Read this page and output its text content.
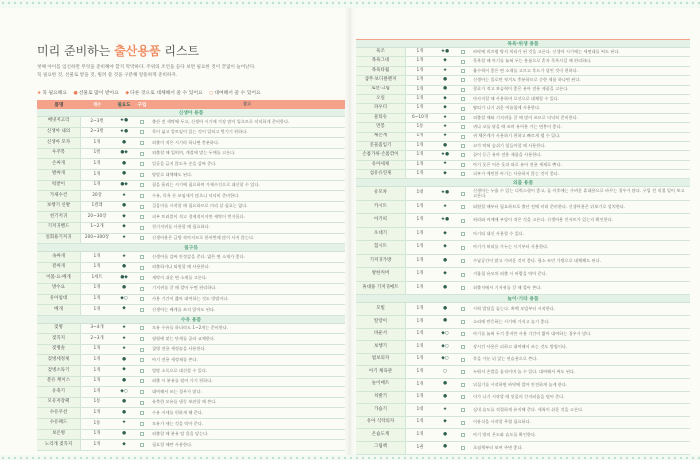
미리 준비하는 출산용품 리스트
첫째 아이를 임신하면 무엇을 준비해야 할지 막막하다. 주위의 조언을 듣다 보면 필요한 것이 끝없이 늘어난다.
꼭 필요한 것, 선물로 받을 것, 빌려 쓸 것을 구분해 알뜰하게 준비하자.
★꼭 필요해요 ●선물로 많이 받아요 ◆다른 것으로 대체해서 쓸 수 있어요 ○대여해서 쓸 수 있어요
품명	개수	필요도	구입	참고
신생아 용품
배냇저고리	2~3벌	★●	출산 전 세탁해 두고, 신생아 시기에 가장 많이 입으므로 넉넉하게 준비한다.
신생아 내의	2~3벌	★●	목이 넓고 앞트임이 있는 것이 입히고 벗기기 편하다.
신생아 모자	1개	●	외출이 적은 시기라 하나면 충분하다.
우주복	1벌	●◆	외출할 때 입히며, 계절에 맞는 두께를 고른다.
손싸개	1개	●	얼굴을 긁지 않도록 손을 감싸 준다.
발싸개	1개	●	양말로 대체해도 된다.
턱받이	1개	●◆	침을 흘리는 시기에 필요하며 가제수건으로 대신할 수 있다.
가제수건	20장	★	수유, 목욕 등 쓰임새가 많으니 넉넉히 준비한다.
보행기 신발	1켤레	●	걸음마를 시작할 때 필요하므로 미리 살 필요는 없다.
천기저귀	20~30장	◆	피부 트러블이 적고 경제적이지만 세탁이 번거롭다.
기저귀밴드	1~2개	◆	천기저귀를 사용할 때 필요하다.
일회용기저귀	200~300장	★	신생아용은 금방 작아지므로 한꺼번에 많이 사지 않는다.
침구류
속싸개	1개	★	신생아를 감싸 안정감을 준다. 얇은 면 소재가 좋다.
겉싸개	1개	●	외출하거나 퇴원할 때 사용한다.
이불·요·베개	1세트	●◆	세탁이 쉬운 면 소재를 고른다.
방수요	1개	●	기저귀를 갈 때 깔아 두면 편리하다.
유아침대	1개	◆○	사용 기간이 짧아 대여하는 것도 방법이다.
베개	1개	◆	신생아는 베개를 쓰지 않아도 된다.
수유 용품
젖병	3~4개	★	모유 수유를 하더라도 1~2개는 준비한다.
젖꼭지	2~3개	★	월령에 맞는 단계를 골라 교체한다.
젖병솔	1개	★	젖병 전용 세정솔을 사용한다.
젖병세정제	1개	●	아기 전용 세정제를 쓴다.
젖병소독기	1개	◆	열탕 소독으로 대신할 수 있다.
분유 케이스	1개	●	외출 시 분유를 덜어 가기 편하다.
유축기	1개	◆○	대여해서 쓰는 경우가 많다.
모유저장팩	1통	●	유축한 모유를 냉동 보관할 때 쓴다.
수유쿠션	1개	●	수유 자세를 편하게 해 준다.
수유패드	1통	★	모유가 새는 것을 막아 준다.
보온병	1개	●	외출할 때 분유 탈 물을 담는다.
노리개 젖꼭지	1개	◆	필요할 때만 사용한다.
목욕·위생 용품
욕조	1개	★●	바닥에 미끄럼 방지 처리가 된 것을 고른다. 신생아 시기에는 세면대를 써도 된다.
목욕그네	1개	◆	목욕할 때 아기를 눕혀 두는 용품으로 혼자 목욕시킬 때 편리하다.
목욕타월	1개	★	흡수력이 좋은 면 소재를 고르고 후드가 달린 것이 편하다.
샴푸·보디클렌저	1개	●	신생아는 물로만 씻겨도 충분하므로 순한 제품 하나면 된다.
로션·크림	1개	●	향료가 적고 보습력이 좋은 유아 전용 제품을 고른다.
오일	1개	◆	마사지할 때 사용하며 로션으로 대체할 수 있다.
파우더	1개	◆	땀띠가 나기 쉬운 여름철에 사용한다.
물티슈	6~10개	★	외출할 때와 기저귀를 갈 때 많이 쓰므로 넉넉히 준비한다.
면봉	1통	★	귀나 코를 닦을 때 쓰며 유아용 가는 면봉이 좋다.
체온계	1개	★	귀 체온계가 사용하기 편하고 빠르게 잴 수 있다.
콧물흡입기	1개	●	코가 막혀 숨쉬기 힘들어할 때 사용한다.
손톱가위·손톱깎이	1개	★●	끝이 둥근 유아 전용 제품을 사용한다.
유아세제	1개	★	아기 옷은 어른 옷과 따로 유아 전용 세제로 빤다.
섬유유연제	1개	◆	피부가 예민한 아기는 사용하지 않는 것이 좋다.
외출 용품
유모차	1대	★●	신생아는 누울 수 있는 디럭스형이 좋고, 돌 이후에는 가벼운 휴대용으로 바꾸는 경우가 많다. 구입 전 직접 밀어 보고 고른다.
카시트	1개	★	퇴원할 때부터 필요하므로 출산 전에 미리 준비한다. 신생아용은 뒤보기로 설치한다.
아기띠	1개	★●	허리와 어깨에 부담이 적은 것을 고른다. 신생아용 인서트가 있는지 확인한다.
포대기	1개	◆	아기띠 대신 사용할 수 있다.
힙시트	1개	◆	아기가 허리를 가누는 시기부터 사용한다.
기저귀가방	1개	●	수납공간이 많고 가벼운 것이 좋다. 평소 쓰던 가방으로 대체해도 된다.
방한커버	1개	◆	겨울철 유모차 외출 시 바람을 막아 준다.
휴대용 기저귀매트	1개	●	외출지에서 기저귀를 갈 때 깔아 쓴다.
놀이·기타 용품
모빌	1개	●	시력 발달을 돕는다. 흑백 모빌부터 시작한다.
딸랑이	1개	●	소리에 반응하는 시기에 가지고 놀기 좋다.
바운서	1개	◆○	아기를 눕혀 두기 좋지만 사용 기간이 짧아 대여하는 경우가 많다.
보행기	1개	◆○	장시간 사용은 피하고 대여해서 쓰는 것도 방법이다.
범보의자	1개	◆○	목을 가눈 뒤 앉는 연습용으로 쓴다.
아기 체육관	1개	○	누워서 손발을 움직이며 놀 수 있다. 대여해서 써도 된다.
놀이매트	1개	●	뒤집기를 시작하면 바닥에 깔아 안전하게 놀게 한다.
치발기	1개	●	이가 나기 시작할 때 잇몸의 간지러움을 덜어 준다.
가습기	1대	★	실내 습도를 적절하게 유지해 준다. 세척이 쉬운 것을 고른다.
유아 식탁의자	1개	◆	이유식을 시작할 무렵 필요하다.
온습도계	1개	●	아기 방의 온도와 습도를 확인한다.
그림책	1권	●	초점책부터 보여 주면 좋다.
